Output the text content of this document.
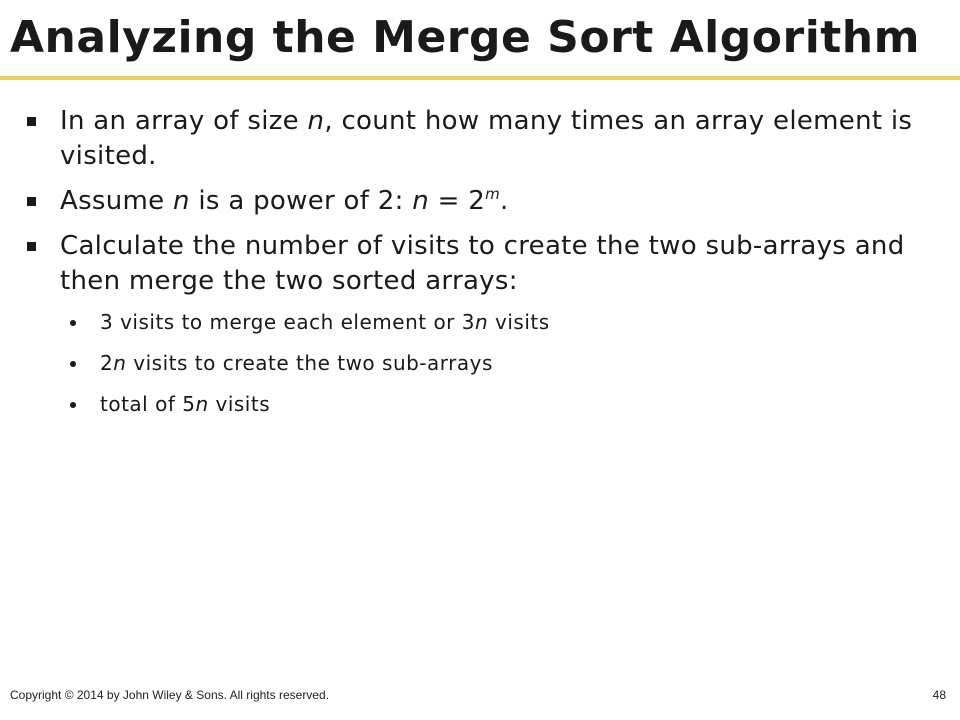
Analyzing the Merge Sort Algorithm
In an array of size n, count how many times an array element is visited.
Assume n is a power of 2: $n = 2^m$.
Calculate the number of visits to create the two sub-arrays and then merge the two sorted arrays:
3 visits to merge each element or 3n visits
2n visits to create the two sub-arrays
total of 5n visits
Copyright © 2014 by John Wiley & Sons. All rights reserved.	48
